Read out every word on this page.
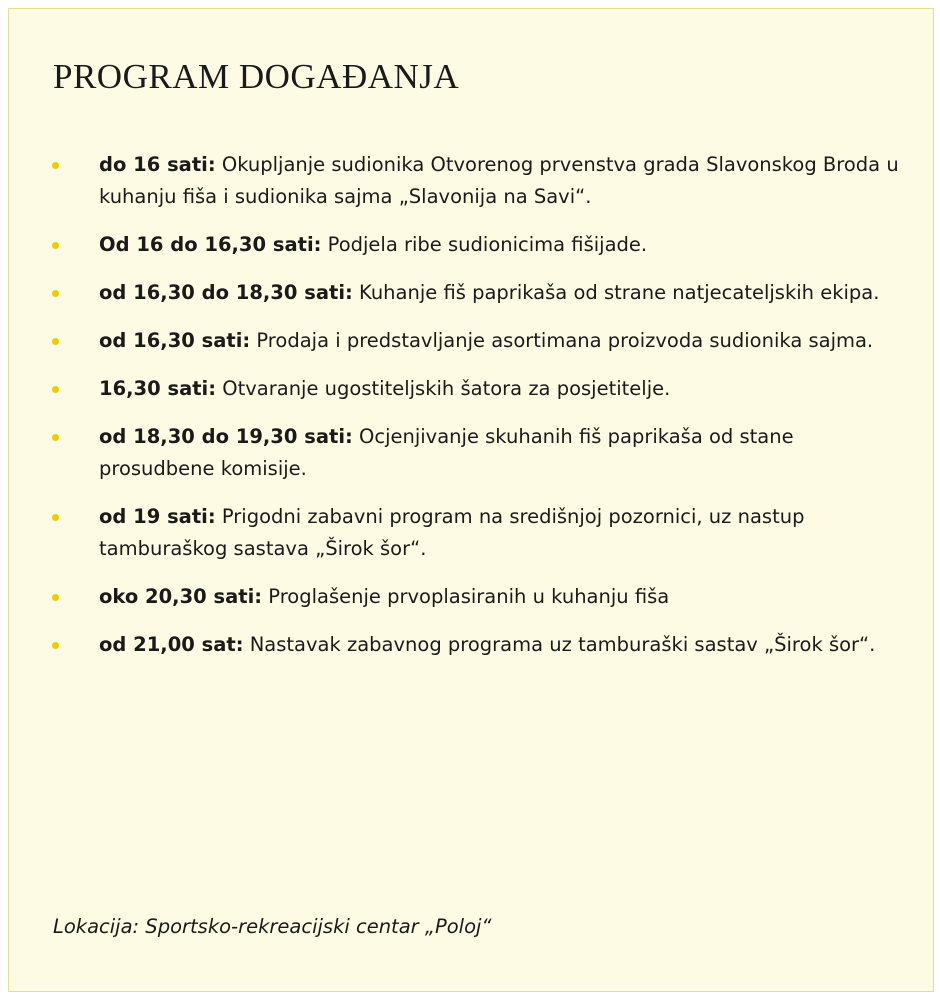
PROGRAM DOGAĐANJA
do 16 sati: Okupljanje sudionika Otvorenog prvenstva grada Slavonskog Broda u kuhanju fiša i sudionika sajma „Slavonija na Savi“.
Od 16 do 16,30 sati: Podjela ribe sudionicima fišijade.
od 16,30 do 18,30 sati: Kuhanje fiš paprikaša od strane natjecateljskih ekipa.
od 16,30 sati: Prodaja i predstavljanje asortimana proizvoda sudionika sajma.
16,30 sati: Otvaranje ugostiteljskih šatora za posjetitelje.
od 18,30 do 19,30 sati: Ocjenjivanje skuhanih fiš paprikaša od stane prosudbene komisije.
od 19 sati: Prigodni zabavni program na središnjoj pozornici, uz nastup tamburaškog sastava „Širok šor“.
oko 20,30 sati: Proglašenje prvoplasiranih u kuhanju fiša
od 21,00 sat: Nastavak zabavnog programa uz tamburaški sastav „Širok šor“.

Lokacija: Sportsko-rekreacijski centar „Poloj“
